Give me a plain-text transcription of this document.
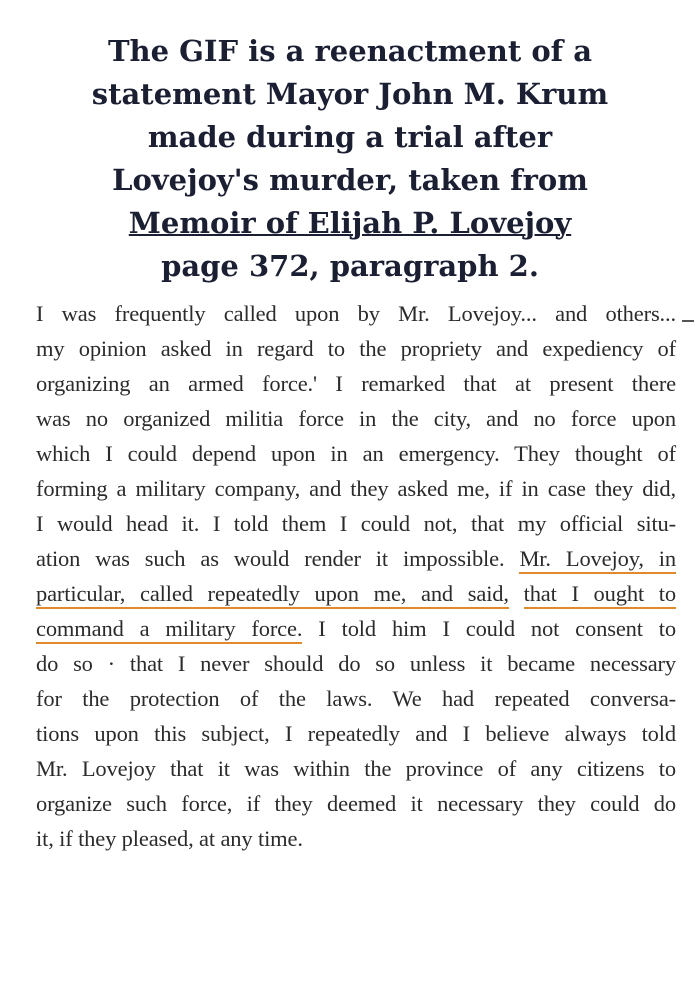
The GIF is a reenactment of a
statement Mayor John M. Krum
made during a trial after
Lovejoy's murder, taken from
Memoir of Elijah P. Lovejoy
page 372, paragraph 2.
I was frequently called upon by Mr. Lovejoy... and others...
my opinion asked in regard to the propriety and expediency of
organizing an armed force.' I remarked that at present there
was no organized militia force in the city, and no force upon
which I could depend upon in an emergency. They thought of
forming a military company, and they asked me, if in case they did,
I would head it. I told them I could not, that my official situ-
ation was such as would render it impossible. Mr. Lovejoy, in
particular, called repeatedly upon me, and said, that I ought to
command a military force. I told him I could not consent to
do so · that I never should do so unless it became necessary
for the protection of the laws. We had repeated conversa-
tions upon this subject, I repeatedly and I believe always told
Mr. Lovejoy that it was within the province of any citizens to
organize such force, if they deemed it necessary they could do
it, if they pleased, at any time.
